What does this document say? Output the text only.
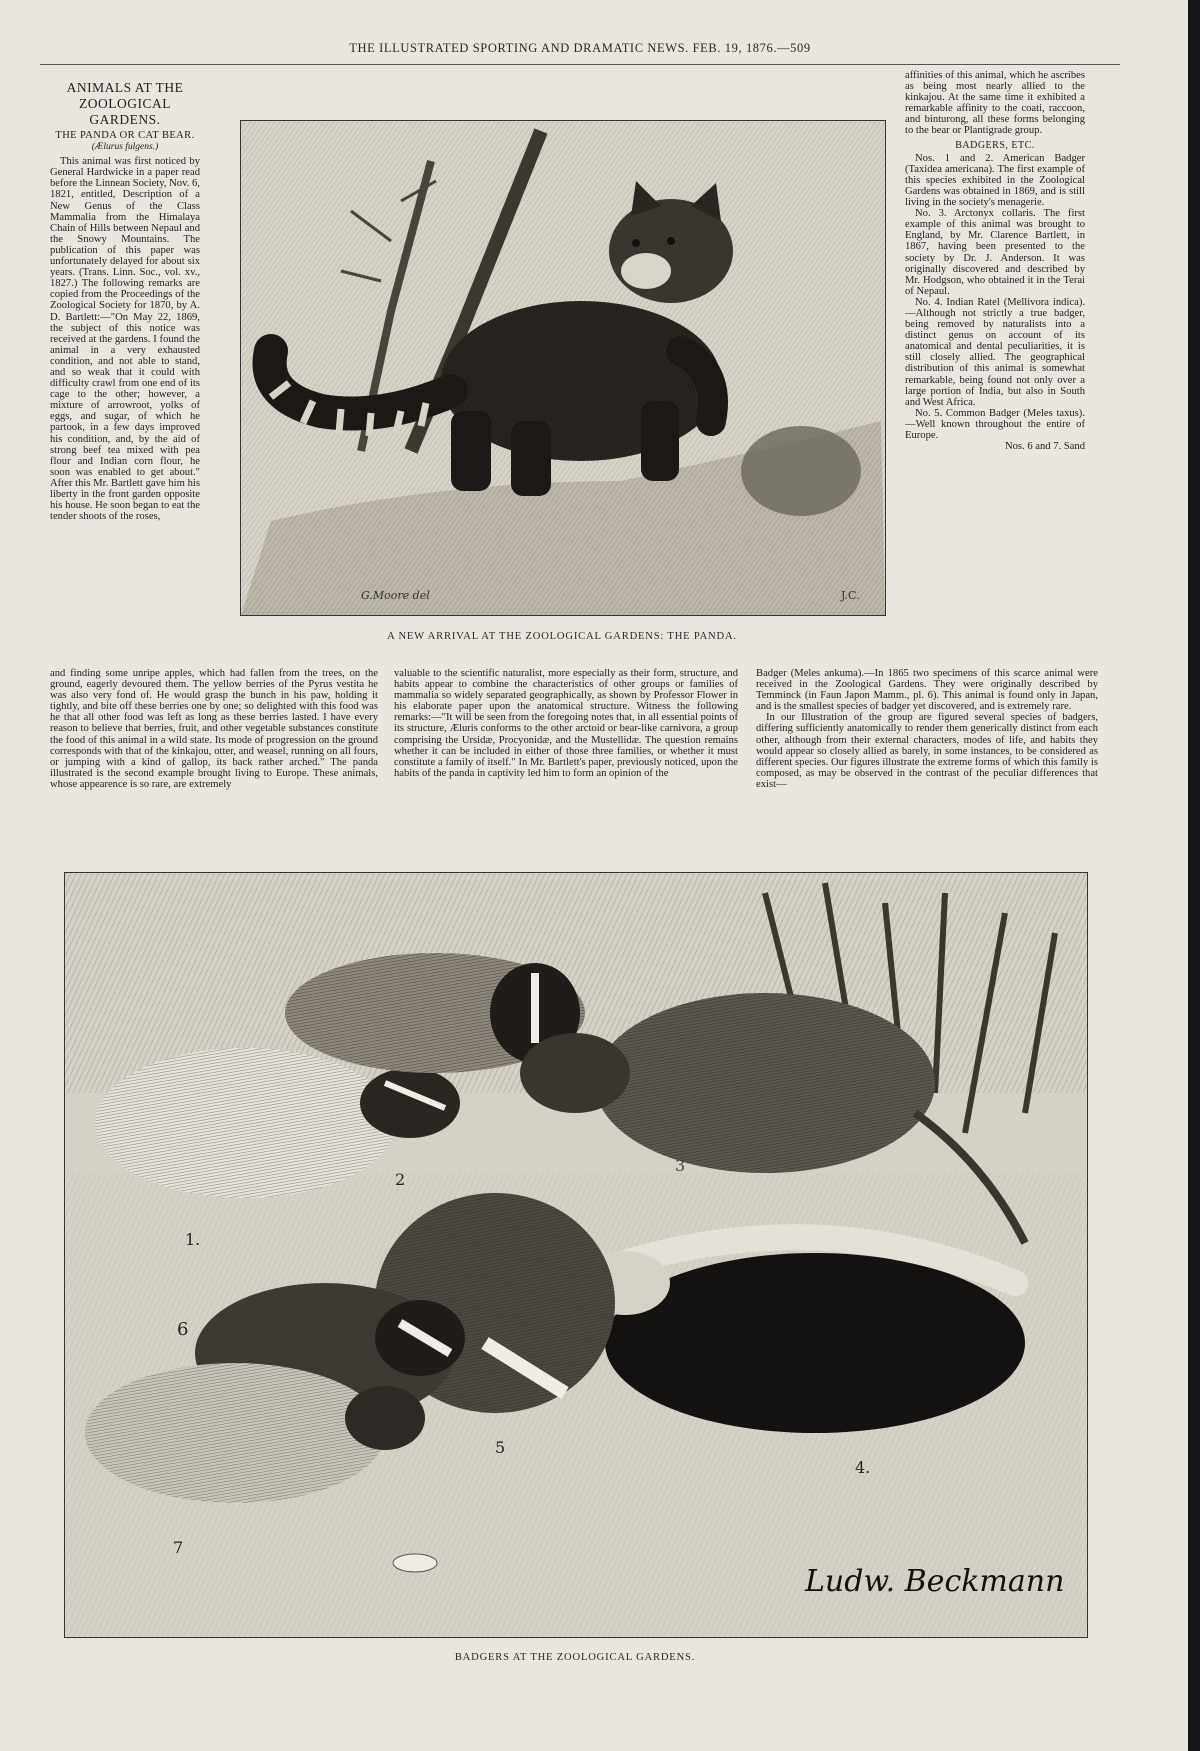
THE ILLUSTRATED SPORTING AND DRAMATIC NEWS. FEB. 19, 1876.—509
ANIMALS AT THE ZOOLOGICAL GARDENS.
THE PANDA OR CAT BEAR.
(Ælurus fulgens.)

This animal was first noticed by General Hardwicke in a paper read before the Linnean Society, Nov. 6, 1821, entitled, Description of a New Genus of the Class Mammalia from the Himalaya Chain of Hills between Nepaul and the Snowy Mountains. The publication of this paper was unfortunately delayed for about six years. (Trans. Linn. Soc., vol. xv., 1827.) The following remarks are copied from the Proceedings of the Zoological Society for 1870, by A. D. Bartlett:—"On May 22, 1869, the subject of this notice was received at the gardens. I found the animal in a very exhausted condition, and not able to stand, and so weak that it could with difficulty crawl from one end of its cage to the other; however, a mixture of arrowroot, yolks of eggs, and sugar, of which he partook, in a few days improved his condition, and, by the aid of strong beef tea mixed with pea flour and Indian corn flour, he soon was enabled to get about." After this Mr. Bartlett gave him his liberty in the front garden opposite his house. He soon began to eat the tender shoots of the roses,

G.Moore del	J.C.

affinities of this animal, which he ascribes as being most nearly allied to the kinkajou. At the same time it exhibited a remarkable affinity to the coati, raccoon, and binturong, all these forms belonging to the bear or Plantigrade group.

BADGERS, ETC.

Nos. 1 and 2. American Badger (Taxidea americana). The first example of this species exhibited in the Zoological Gardens was obtained in 1869, and is still living in the society's menagerie.

No. 3. Arctonyx collaris. The first example of this animal was brought to England, by Mr. Clarence Bartlett, in 1867, having been presented to the society by Dr. J. Anderson. It was originally discovered and described by Mr. Hodgson, who obtained it in the Terai of Nepaul.

No. 4. Indian Ratel (Mellivora indica).—Although not strictly a true badger, being removed by naturalists into a distinct genus on account of its anatomical and dental peculiarities, it is still closely allied. The geographical distribution of this animal is somewhat remarkable, being found not only over a large portion of India, but also in South and West Africa.

No. 5. Common Badger (Meles taxus).—Well known throughout the entire of Europe.

Nos. 6 and 7. Sand

A NEW ARRIVAL AT THE ZOOLOGICAL GARDENS: THE PANDA.

and finding some unripe apples, which had fallen from the trees, on the ground, eagerly devoured them. The yellow berries of the Pyrus vestita he was also very fond of. He would grasp the bunch in his paw, holding it tightly, and bite off these berries one by one; so delighted with this food was he that all other food was left as long as these berries lasted. I have every reason to believe that berries, fruit, and other vegetable substances constitute the food of this animal in a wild state. Its mode of progression on the ground corresponds with that of the kinkajou, otter, and weasel, running on all fours, or jumping with a kind of gallop, its back rather arched." The panda illustrated is the second example brought living to Europe. These animals, whose appearence is so rare, are extremely

valuable to the scientific naturalist, more especially as their form, structure, and habits appear to combine the characteristics of other groups or families of mammalia so widely separated geographically, as shown by Professor Flower in his elaborate paper upon the anatomical structure. Witness the following remarks:—"It will be seen from the foregoing notes that, in all essential points of its structure, Æluris conforms to the other arctoid or bear-like carnivora, a group comprising the Ursidæ, Procyonidæ, and the Mustellidæ. The question remains whether it can be included in either of those three families, or whether it must constitute a family of itself." In Mr. Bartlett's paper, previously noticed, upon the habits of the panda in captivity led him to form an opinion of the

Badger (Meles ankuma).—In 1865 two specimens of this scarce animal were received in the Zoological Gardens. They were originally described by Temminck (in Faun Japon Mamm., pl. 6). This animal is found only in Japan, and is the smallest species of badger yet discovered, and is extremely rare.

In our Illustration of the group are figured several species of badgers, differing sufficiently anatomically to render them generically distinct from each other, although from their external characters, modes of life, and habits they would appear so closely allied as barely, in some instances, to be considered as different species. Our figures illustrate the extreme forms of which this family is composed, as may be observed in the contrast of the peculiar differences that exist—

1.
2
3
4.
5
6
7
Ludw. Beckmann
BADGERS AT THE ZOOLOGICAL GARDENS.
